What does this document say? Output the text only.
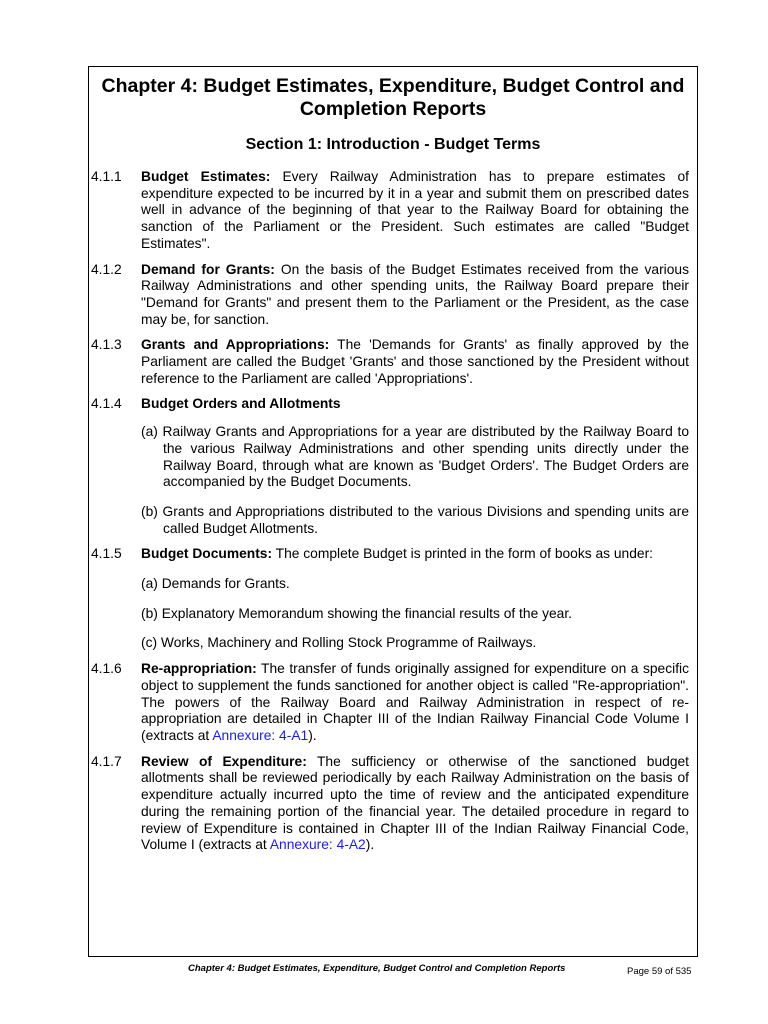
Chapter 4: Budget Estimates, Expenditure, Budget Control and Completion Reports
Section 1: Introduction - Budget Terms
4.1.1	Budget Estimates: Every Railway Administration has to prepare estimates of expenditure expected to be incurred by it in a year and submit them on prescribed dates well in advance of the beginning of that year to the Railway Board for obtaining the sanction of the Parliament or the President. Such estimates are called "Budget Estimates".
4.1.2	Demand for Grants: On the basis of the Budget Estimates received from the various Railway Administrations and other spending units, the Railway Board prepare their "Demand for Grants" and present them to the Parliament or the President, as the case may be, for sanction.
4.1.3	Grants and Appropriations: The 'Demands for Grants' as finally approved by the Parliament are called the Budget 'Grants' and those sanctioned by the President without reference to the Parliament are called 'Appropriations'.
4.1.4	Budget Orders and Allotments
(a) Railway Grants and Appropriations for a year are distributed by the Railway Board to the various Railway Administrations and other spending units directly under the Railway Board, through what are known as 'Budget Orders'. The Budget Orders are accompanied by the Budget Documents.
(b) Grants and Appropriations distributed to the various Divisions and spending units are called Budget Allotments.
4.1.5	Budget Documents: The complete Budget is printed in the form of books as under:
(a) Demands for Grants.
(b) Explanatory Memorandum showing the financial results of the year.
(c) Works, Machinery and Rolling Stock Programme of Railways.
4.1.6	Re-appropriation: The transfer of funds originally assigned for expenditure on a specific object to supplement the funds sanctioned for another object is called "Re-appropriation". The powers of the Railway Board and Railway Administration in respect of re-appropriation are detailed in Chapter III of the Indian Railway Financial Code Volume I (extracts at Annexure: 4-A1).
4.1.7	Review of Expenditure: The sufficiency or otherwise of the sanctioned budget allotments shall be reviewed periodically by each Railway Administration on the basis of expenditure actually incurred upto the time of review and the anticipated expenditure during the remaining portion of the financial year. The detailed procedure in regard to review of Expenditure is contained in Chapter III of the Indian Railway Financial Code, Volume I (extracts at Annexure: 4-A2).
Chapter 4: Budget Estimates, Expenditure, Budget Control and Completion Reports	Page 59 of 535
